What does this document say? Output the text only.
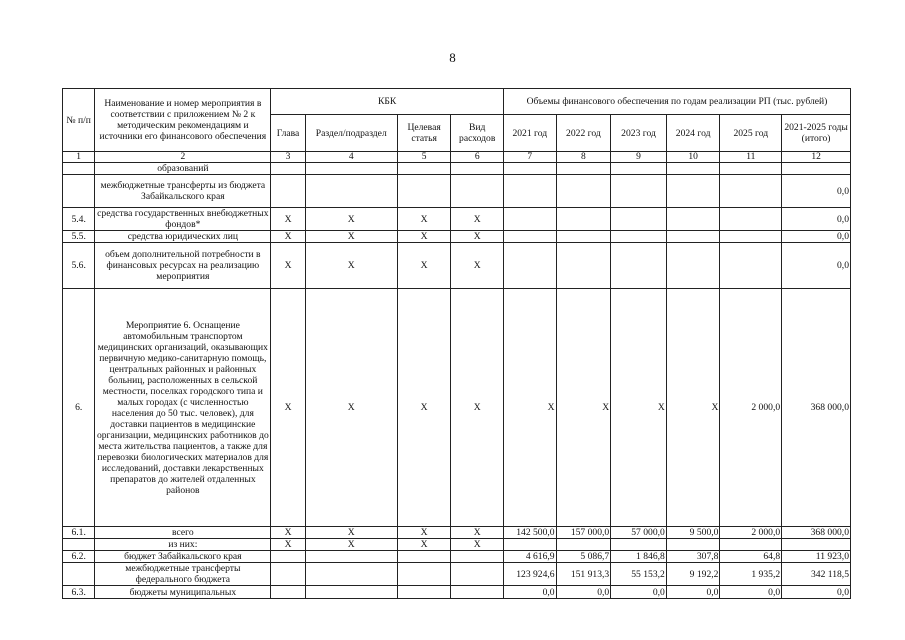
8
№ п/п	Наименование и номер мероприятия в соответствии с приложением № 2 к методическим рекомендациям и источники его финансового обеспечения	КБК				Объемы финансового обеспечения по годам реализации РП (тыс. рублей)					
		Глава	Раздел/подраздел	Целевая статья	Вид расходов	2021 год	2022 год	2023 год	2024 год	2025 год	2021-2025 годы (итого)
1	2	3	4	5	6	7	8	9	10	11	12
	образований										
	межбюджетные трансферты из бюджета Забайкальского края										0,0
5.4.	средства государственных внебюджетных фондов*	Х	Х	Х	Х						0,0
5.5.	средства юридических лиц	Х	Х	Х	Х						0,0
5.6.	объем дополнительной потребности в финансовых ресурсах на реализацию мероприятия	Х	Х	Х	Х						0,0
6.	Мероприятие 6. Оснащение автомобильным транспортом медицинских организаций, оказывающих первичную медико-санитарную помощь, центральных районных и районных больниц, расположенных в сельской местности, поселках городского типа и малых городах (с численностью населения до 50 тыс. человек), для доставки пациентов в медицинские организации, медицинских работников до места жительства пациентов, а также для перевозки биологических материалов для исследований, доставки лекарственных препаратов до жителей отдаленных районов	Х	Х	Х	Х	Х	Х	Х	Х	2 000,0	368 000,0
6.1.	всего	Х	Х	Х	Х	142 500,0	157 000,0	57 000,0	9 500,0	2 000,0	368 000,0
	из них:	Х	Х	Х	Х						
6.2.	бюджет Забайкальского края					4 616,9	5 086,7	1 846,8	307,8	64,8	11 923,0
	межбюджетные трансферты федерального бюджета					123 924,6	151 913,3	55 153,2	9 192,2	1 935,2	342 118,5
6.3.	бюджеты муниципальных					0,0	0,0	0,0	0,0	0,0	0,0
